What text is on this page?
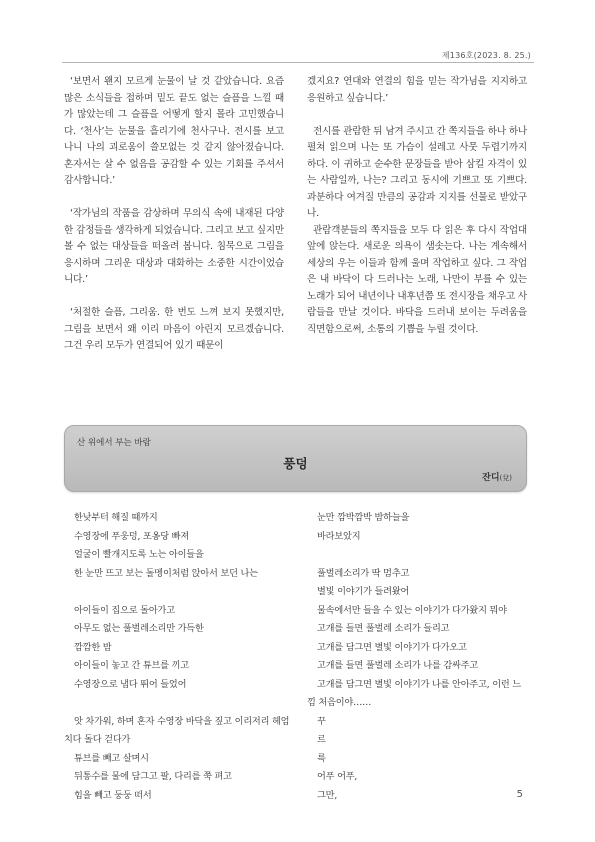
제136호(2023. 8. 25.)

‘보면서 왠지 모르게 눈물이 날 것 같았습니다. 요즘 많은 소식들을 접하며 밑도 끝도 없는 슬픔을 느낄 때가 많았는데 그 슬픔을 어떻게 할지 몰라 고민했습니다. ‘천사’는 눈물을 흘리기에 천사구나. 전시를 보고 나니 나의 괴로움이 쓸모없는 것 같지 않아졌습니다. 혼자서는 살 수 없음을 공감할 수 있는 기회를 주셔서 감사합니다.’

‘작가님의 작품을 감상하며 무의식 속에 내재된 다양한 감정들을 생각하게 되었습니다. 그리고 보고 싶지만 볼 수 없는 대상들을 떠올려 봅니다. 침묵으로 그림을 응시하며 그리운 대상과 대화하는 소중한 시간이었습니다.’

‘처절한 슬픔, 그리움. 한 번도 느껴 보지 못했지만, 그림을 보면서 왜 이리 마음이 아린지 모르겠습니다. 그건 우리 모두가 연결되어 있기 때문이

겠지요? 연대와 연결의 힘을 믿는 작가님을 지지하고 응원하고 싶습니다.’

전시를 관람한 뒤 남겨 주시고 간 쪽지들을 하나 하나 펼쳐 읽으며 나는 또 가슴이 설레고 사뭇 두렵기까지 하다. 이 귀하고 순수한 문장들을 받아 삼킬 자격이 있는 사람일까, 나는? 그리고 동시에 기쁘고 또 기쁘다. 과분하다 여겨질 만큼의 공감과 지지를 선물로 받았구나.

관람객분들의 쪽지들을 모두 다 읽은 후 다시 작업대 앞에 앉는다. 새로운 의욕이 샘솟는다. 나는 계속해서 세상의 우는 이들과 함께 울며 작업하고 싶다. 그 작업은 내 바닥이 다 드러나는 노래, 나만이 부를 수 있는 노래가 되어 내년이나 내후년쯤 또 전시장을 채우고 사람들을 만날 것이다. 바닥을 드러내 보이는 두려움을 직면함으로써, 소통의 기쁨을 누릴 것이다.

산 위에서 부는 바람
풍덩
잔디(兌)
한낮부터 해질 때까지
수영장에 푸웅덩, 포옹당 빠져
얼굴이 빨개지도록 노는 아이들을
한 눈만 뜨고 보는 돌멩이처럼 앉아서 보던 나는
아이들이 집으로 돌아가고
아무도 없는 풀벌레소리만 가득한
깜깜한 밤
아이들이 놓고 간 튜브를 끼고
수영장으로 냅다 뛰어 들었어
앗 차가워, 하며 혼자 수영장 바닥을 짚고 이리저리 헤엄치다 돌다 걷다가
튜브를 빼고 살며시
뒤통수를 물에 담그고 팔, 다리를 쭉 펴고
힘을 빼고 둥둥 떠서
눈만 깜박깜박 밤하늘을
바라보았지
풀벌레소리가 딱 멈추고
별빛 이야기가 들려왔어
물속에서만 들을 수 있는 이야기가 다가왔지 뭐야
고개를 들면 풀벌레 소리가 들리고
고개를 담그면 별빛 이야기가 다가오고
고개를 들면 풀벌레 소리가 나를 감싸주고
고개를 담그면 별빛 이야기가 나를 안아주고, 이런 느낌 처음이야……
꾸
르
륵
어푸 어푸,
그만,	5
